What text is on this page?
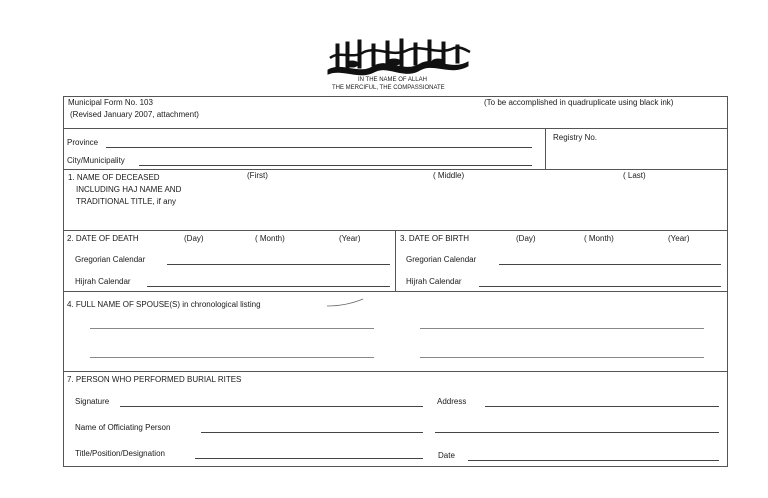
IN THE NAME OF ALLAH
THE MERCIFUL, THE COMPASSIONATE
Municipal Form No. 103
(Revised January 2007, attachment)
(To be accomplished in quadruplicate using black ink)
Province
City/Municipality
Registry No.
1. NAME OF DECEASED
INCLUDING HAJ NAME AND
TRADITIONAL TITLE, if any
(First)	( Middle)	( Last)
2. DATE OF DEATH	(Day)	( Month)	(Year)
Gregorian Calendar
Hijrah Calendar
3. DATE OF BIRTH	(Day)	( Month)	(Year)
Gregorian Calendar
Hijrah Calendar
4. FULL NAME OF SPOUSE(S) in chronological listing
7. PERSON WHO PERFORMED BURIAL RITES
Signature	Address
Name of Officiating Person
Title/Position/Designation	Date
